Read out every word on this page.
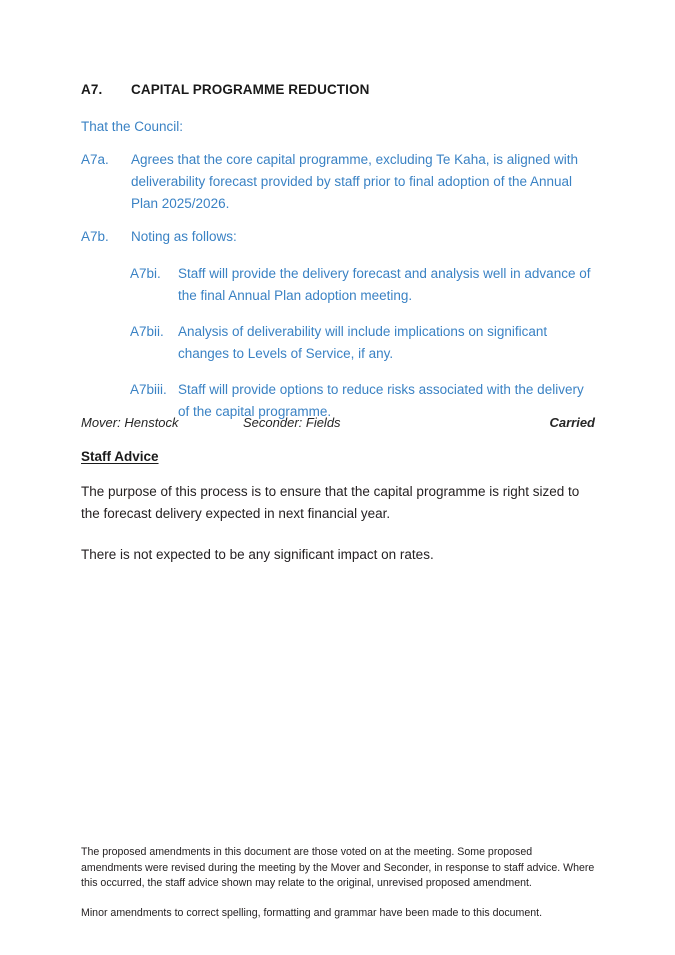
A7. CAPITAL PROGRAMME REDUCTION

That the Council:

A7a.	Agrees that the core capital programme, excluding Te Kaha, is aligned with deliverability forecast provided by staff prior to final adoption of the Annual Plan 2025/2026.
A7b.	Noting as follows:
A7bi.	Staff will provide the delivery forecast and analysis well in advance of the final Annual Plan adoption meeting.
A7bii.	Analysis of deliverability will include implications on significant changes to Levels of Service, if any.
A7biii. Staff will provide options to reduce risks associated with the delivery of the capital programme.
Mover: Henstock	Seconder: Fields	Carried
Staff Advice

The purpose of this process is to ensure that the capital programme is right sized to the forecast delivery expected in next financial year.

There is not expected to be any significant impact on rates.

The proposed amendments in this document are those voted on at the meeting. Some proposed amendments were revised during the meeting by the Mover and Seconder, in response to staff advice. Where this occurred, the staff advice shown may relate to the original, unrevised proposed amendment.

Minor amendments to correct spelling, formatting and grammar have been made to this document.
